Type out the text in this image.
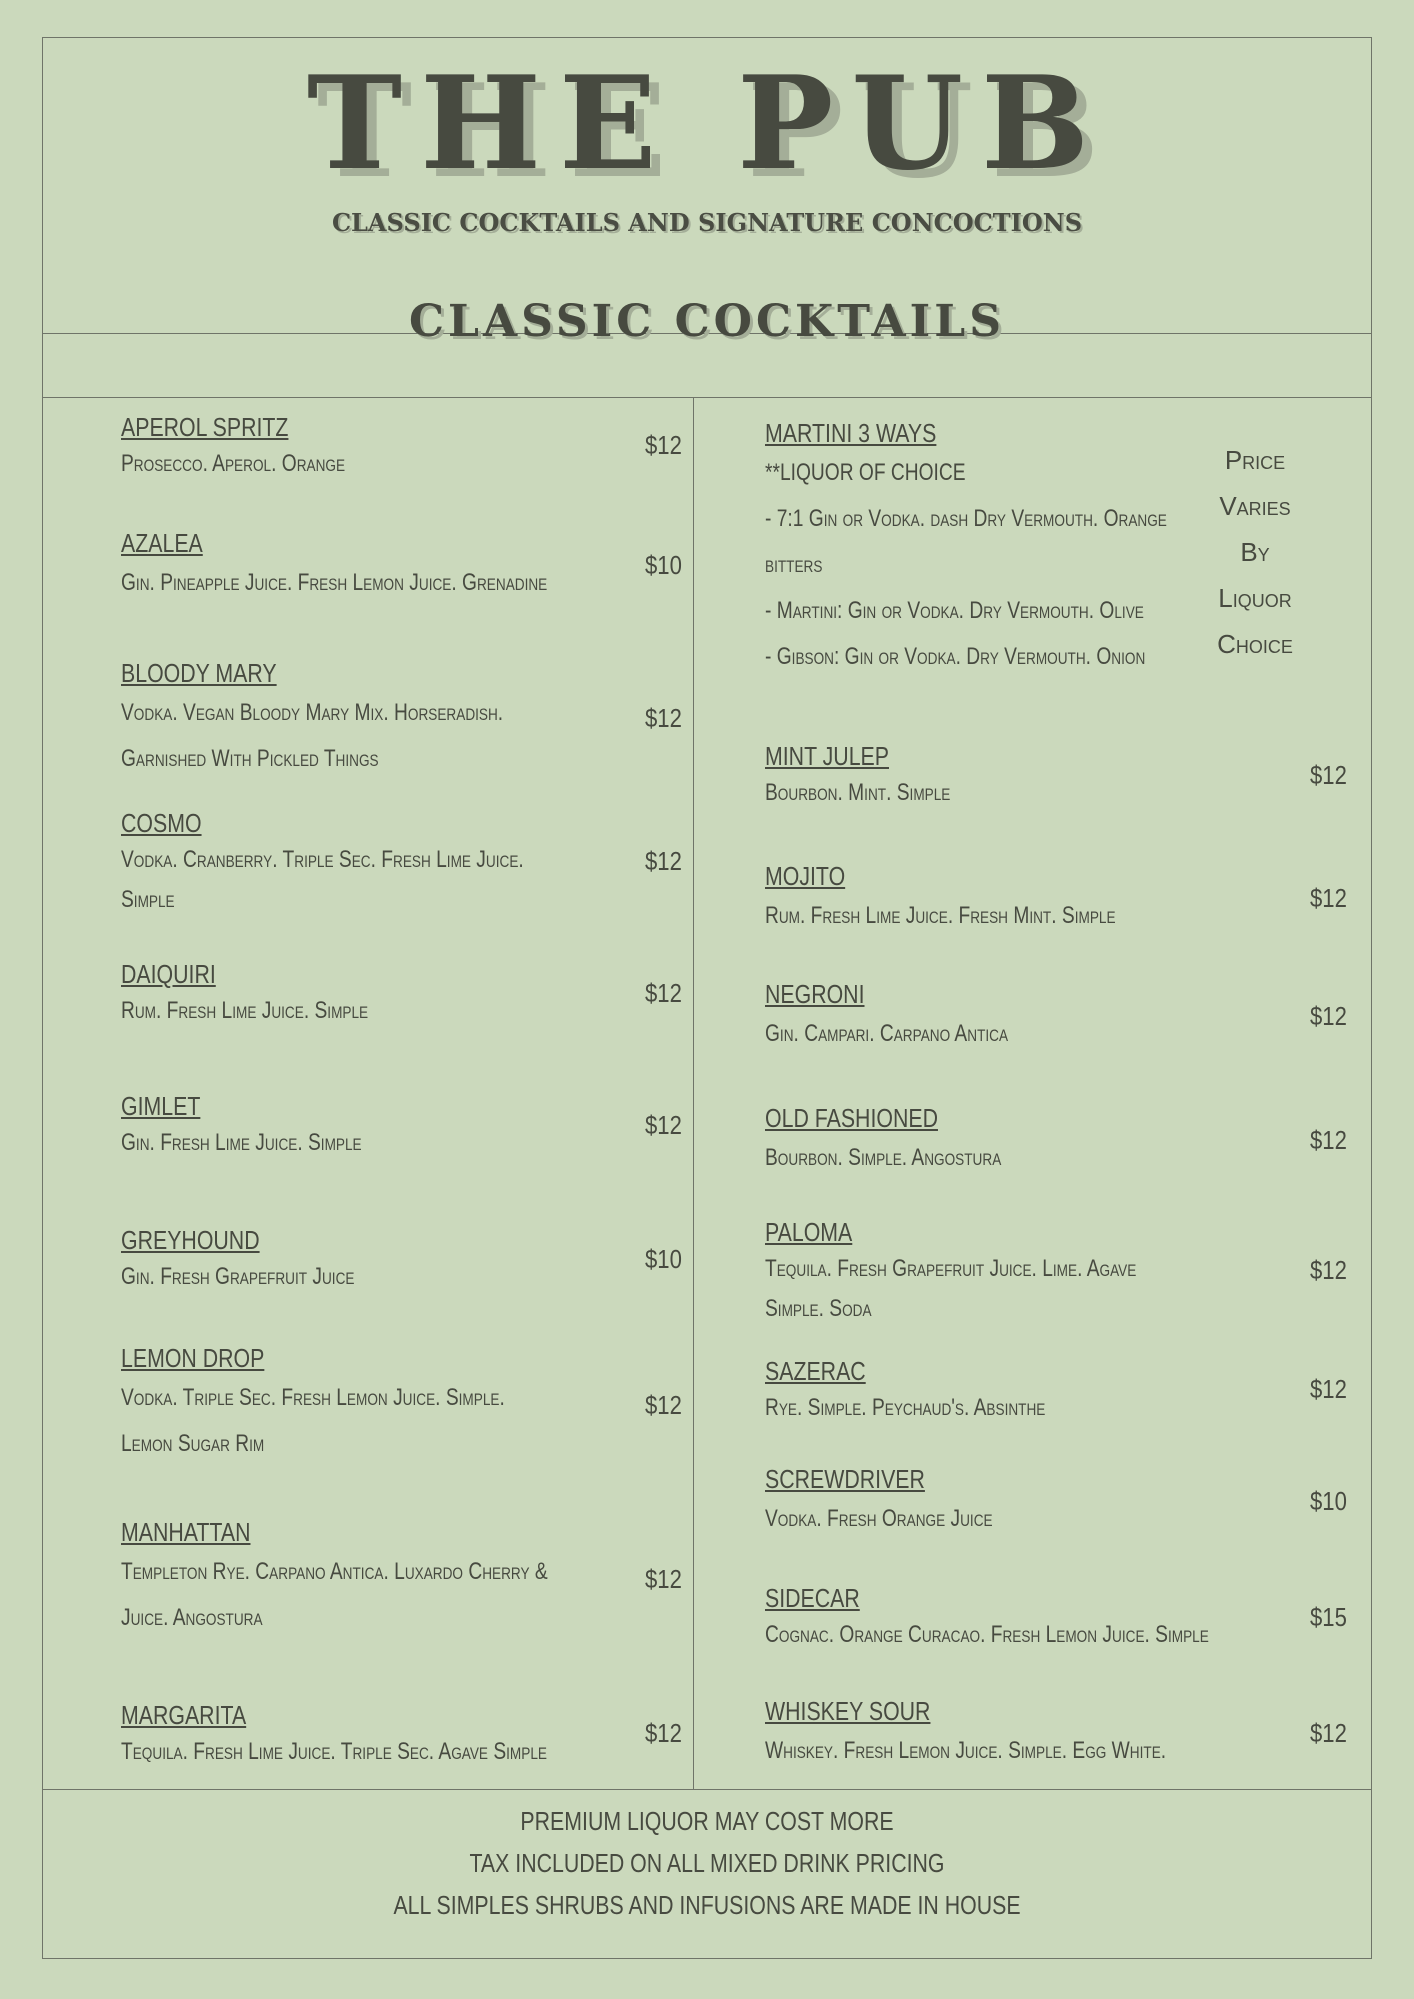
THE PUB
CLASSIC COCKTAILS AND SIGNATURE CONCOCTIONS
CLASSIC COCKTAILS
APEROL SPRITZ
Prosecco. Aperol. Orange
$12
AZALEA
Gin. Pineapple Juice. Fresh Lemon Juice. Grenadine
$10
BLOODY MARY
Vodka. Vegan Bloody Mary Mix. Horseradish.
Garnished With Pickled Things
$12
COSMO
Vodka. Cranberry. Triple Sec. Fresh Lime Juice.
Simple
$12
DAIQUIRI
Rum. Fresh Lime Juice. Simple
$12
GIMLET
Gin. Fresh Lime Juice. Simple
$12
GREYHOUND
Gin. Fresh Grapefruit Juice
$10
LEMON DROP
Vodka. Triple Sec. Fresh Lemon Juice. Simple.
Lemon Sugar Rim
$12
MANHATTAN
Templeton Rye. Carpano Antica. Luxardo Cherry &
Juice. Angostura
$12
MARGARITA
Tequila. Fresh Lime Juice. Triple Sec. Agave Simple
$12
MARTINI 3 WAYS
**LIQUOR OF CHOICE
- 7:1 Gin or Vodka. dash Dry Vermouth. Orange
bitters
- Martini: Gin or Vodka. Dry Vermouth. Olive
- Gibson: Gin or Vodka. Dry Vermouth. Onion
Price
Varies
By
Liquor
Choice
MINT JULEP
Bourbon. Mint. Simple
$12
MOJITO
Rum. Fresh Lime Juice. Fresh Mint. Simple
$12
NEGRONI
Gin. Campari. Carpano Antica
$12
OLD FASHIONED
Bourbon. Simple. Angostura
$12
PALOMA
Tequila. Fresh Grapefruit Juice. Lime. Agave
Simple. Soda
$12
SAZERAC
Rye. Simple. Peychaud's. Absinthe
$12
SCREWDRIVER
Vodka. Fresh Orange Juice
$10
SIDECAR
Cognac. Orange Curacao. Fresh Lemon Juice. Simple
$15
WHISKEY SOUR
Whiskey. Fresh Lemon Juice. Simple. Egg White.
$12
PREMIUM LIQUOR MAY COST MORE
TAX INCLUDED ON ALL MIXED DRINK PRICING
ALL SIMPLES SHRUBS AND INFUSIONS ARE MADE IN HOUSE
